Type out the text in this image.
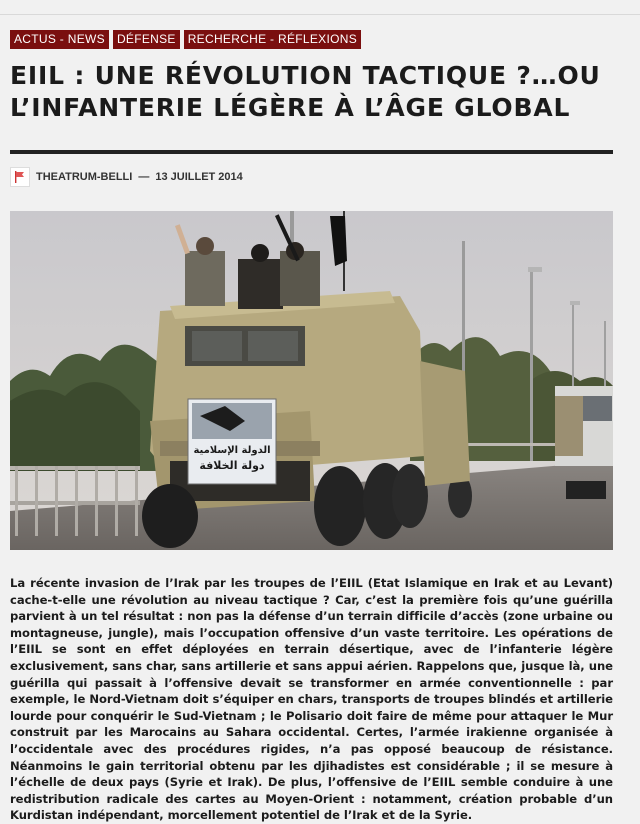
ACTUS - NEWS	DÉFENSE	RECHERCHE - RÉFLEXIONS
EIIL : UNE RÉVOLUTION TACTIQUE ?…OU L’INFANTERIE LÉGÈRE À L’ÂGE GLOBAL
THEATRUM-BELLI — 13 JUILLET 2014
الدولة الإسلامية
دولة الخلافة

La récente invasion de l’Irak par les troupes de l’EIIL (Etat Islamique en Irak et au Levant) cache-t-elle une révolution au niveau tactique ? Car, c’est la première fois qu’une guérilla parvient à un tel résultat : non pas la défense d’un terrain difficile d’accès (zone urbaine ou montagneuse, jungle), mais l’occupation offensive d’un vaste territoire. Les opérations de l’EIIL se sont en effet déployées en terrain désertique, avec de l’infanterie légère exclusivement, sans char, sans artillerie et sans appui aérien. Rappelons que, jusque là, une guérilla qui passait à l’offensive devait se transformer en armée conventionnelle : par exemple, le Nord-Vietnam doit s’équiper en chars, transports de troupes blindés et artillerie lourde pour conquérir le Sud-Vietnam ; le Polisario doit faire de même pour attaquer le Mur construit par les Marocains au Sahara occidental. Certes, l’armée irakienne organisée à l’occidentale avec des procédures rigides, n’a pas opposé beaucoup de résistance. Néanmoins le gain territorial obtenu par les djihadistes est considérable ; il se mesure à l’échelle de deux pays (Syrie et Irak). De plus, l’offensive de l’EIIL semble conduire à une redistribution radicale des cartes au Moyen-Orient : notamment, création probable d’un Kurdistan indépendant, morcellement potentiel de l’Irak et de la Syrie.
